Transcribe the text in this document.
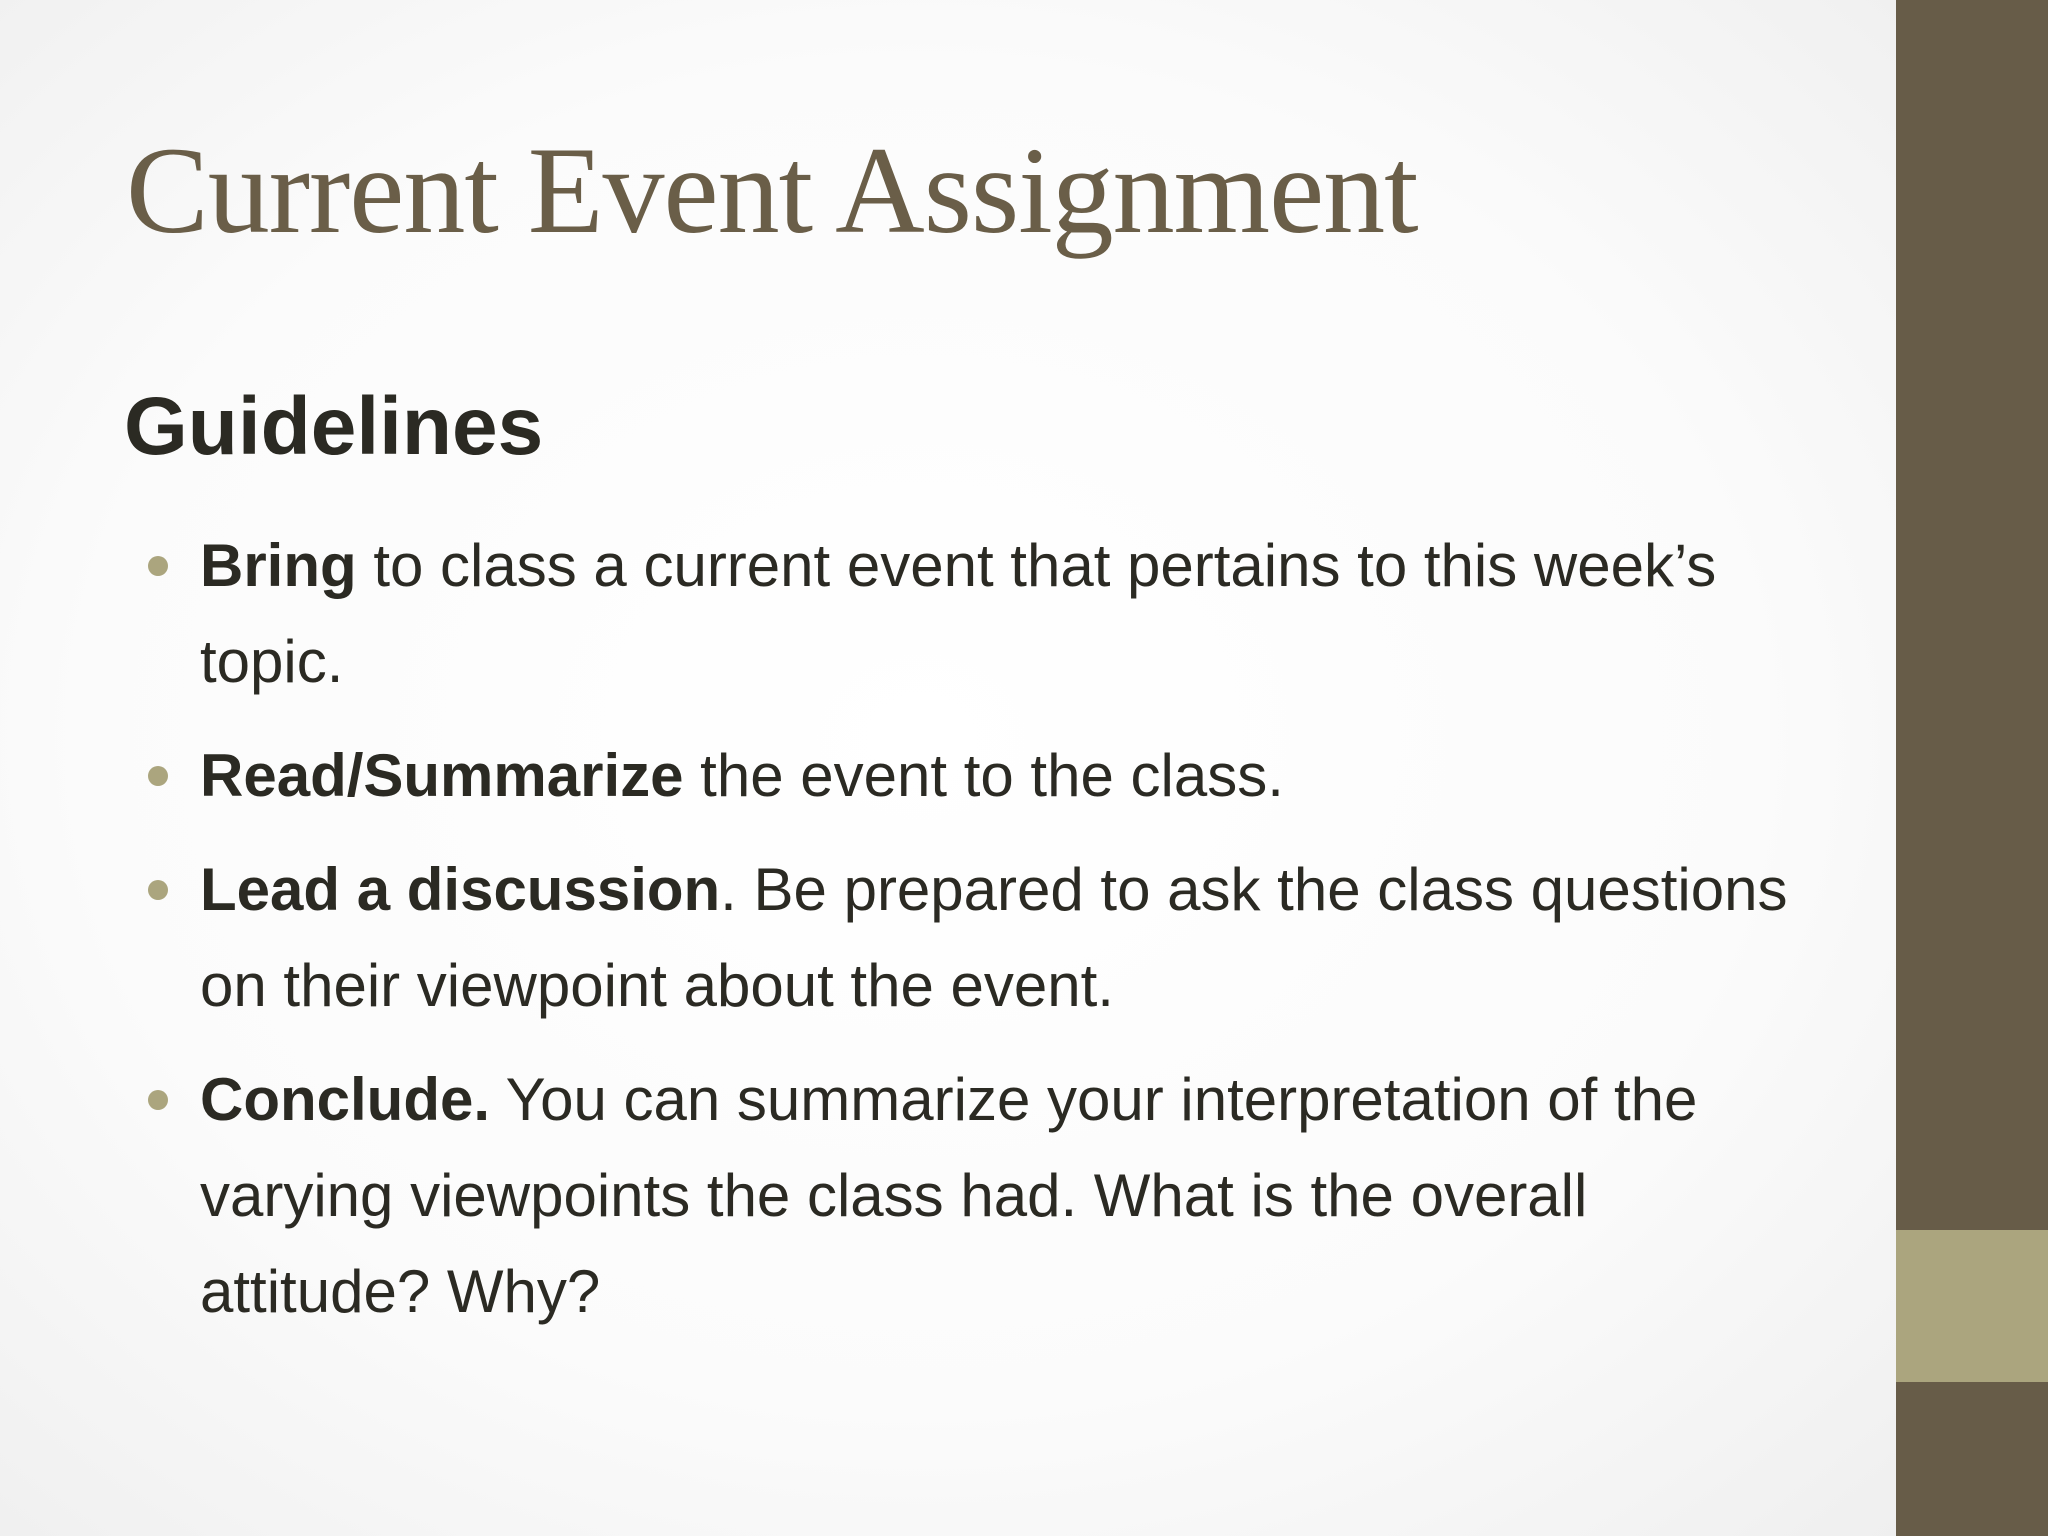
Current Event Assignment
Guidelines
Bring to class a current event that pertains to this week’s topic.
Read/Summarize the event to the class.
Lead a discussion. Be prepared to ask the class questions on their viewpoint about the event.
Conclude. You can summarize your interpretation of the varying viewpoints the class had. What is the overall attitude? Why?
